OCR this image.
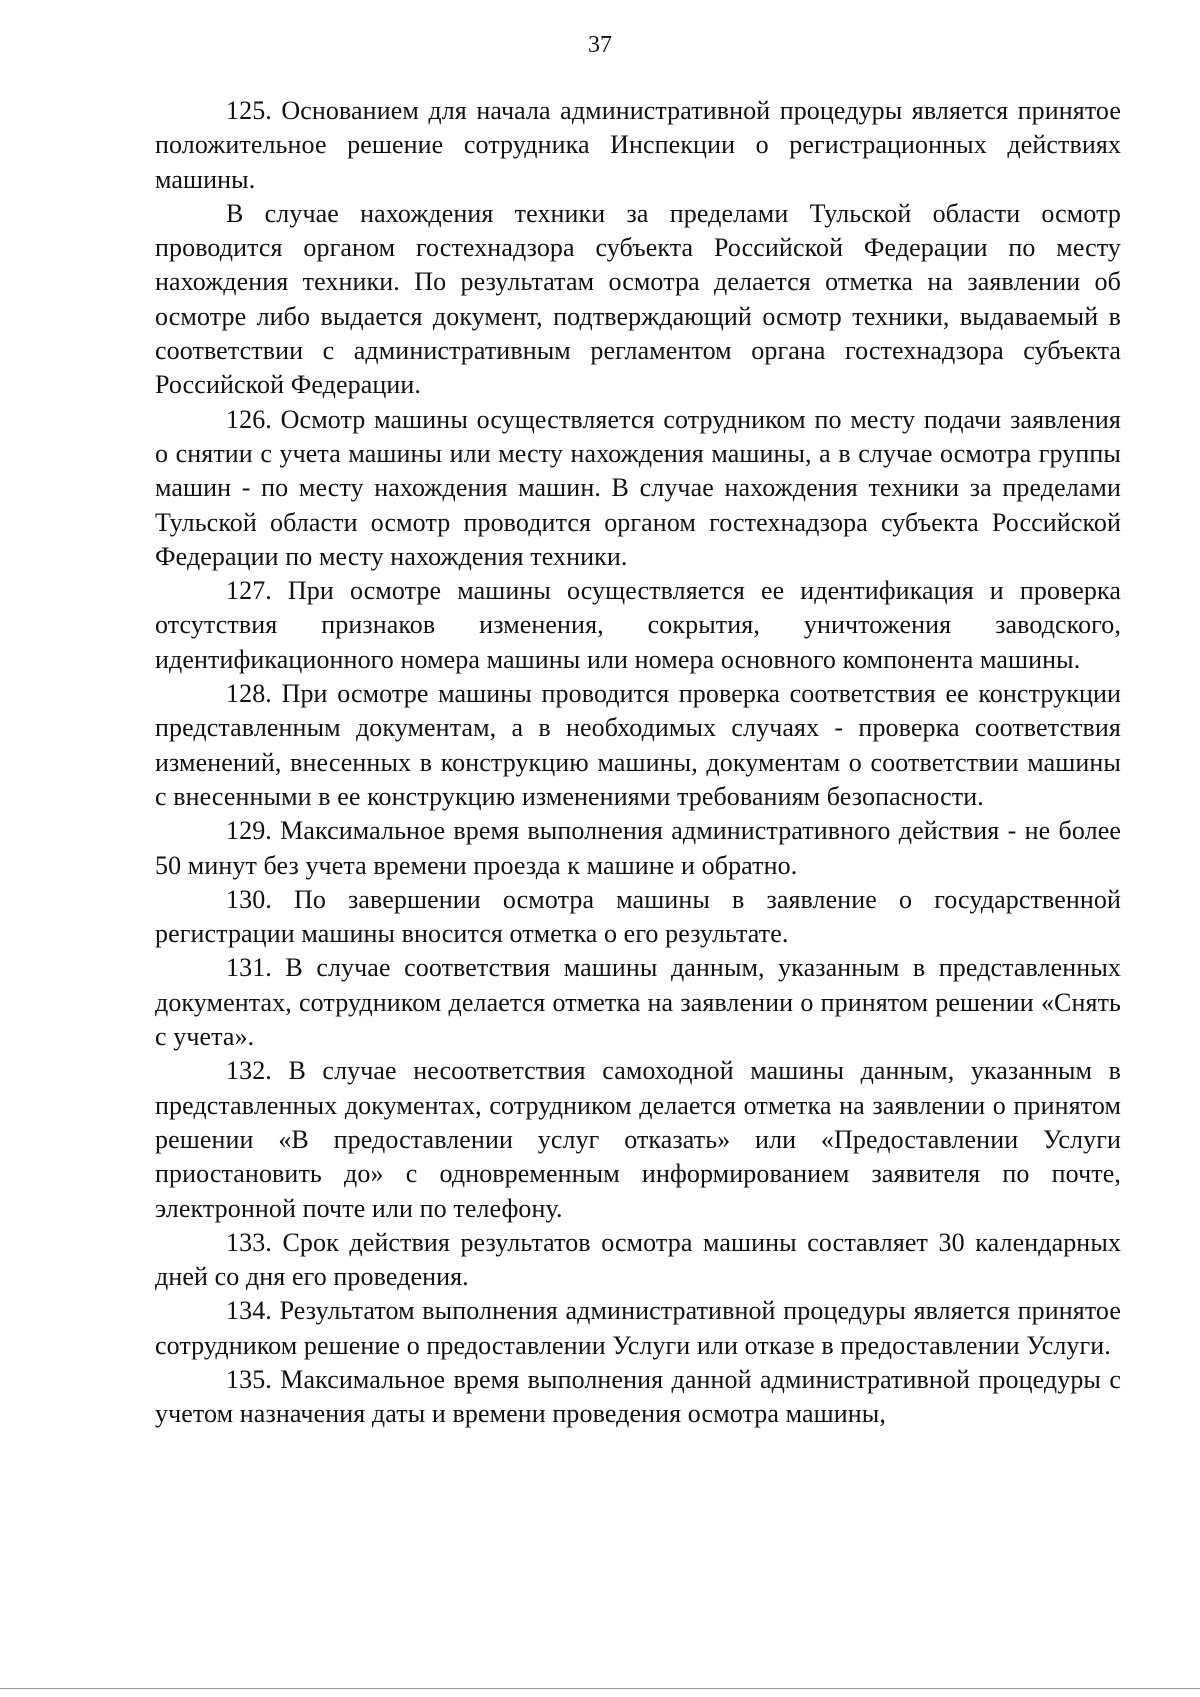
37

125. Основанием для начала административной процедуры является принятое положительное решение сотрудника Инспекции о регистрационных действиях машины.

В случае нахождения техники за пределами Тульской области осмотр проводится органом гостехнадзора субъекта Российской Федерации по месту нахождения техники. По результатам осмотра делается отметка на заявлении об осмотре либо выдается документ, подтверждающий осмотр техники, выдаваемый в соответствии с административным регламентом органа гостехнадзора субъекта Российской Федерации.

126. Осмотр машины осуществляется сотрудником по месту подачи заявления о снятии с учета машины или месту нахождения машины, а в случае осмотра группы машин - по месту нахождения машин. В случае нахождения техники за пределами Тульской области осмотр проводится органом гостехнадзора субъекта Российской Федерации по месту нахождения техники.

127. При осмотре машины осуществляется ее идентификация и проверка отсутствия признаков изменения, сокрытия, уничтожения заводского, идентификационного номера машины или номера основного компонента машины.

128. При осмотре машины проводится проверка соответствия ее конструкции представленным документам, а в необходимых случаях - проверка соответствия изменений, внесенных в конструкцию машины, документам о соответствии машины с внесенными в ее конструкцию изменениями требованиям безопасности.

129. Максимальное время выполнения административного действия - не более 50 минут без учета времени проезда к машине и обратно.

130. По завершении осмотра машины в заявление о государственной регистрации машины вносится отметка о его результате.

131. В случае соответствия машины данным, указанным в представленных документах, сотрудником делается отметка на заявлении о принятом решении «Снять с учета».

132. В случае несоответствия самоходной машины данным, указанным в представленных документах, сотрудником делается отметка на заявлении о принятом решении «В предоставлении услуг отказать» или «Предоставлении Услуги приостановить до» с одновременным информированием заявителя по почте, электронной почте или по телефону.

133. Срок действия результатов осмотра машины составляет 30 календарных дней со дня его проведения.

134. Результатом выполнения административной процедуры является принятое сотрудником решение о предоставлении Услуги или отказе в предоставлении Услуги.

135. Максимальное время выполнения данной административной процедуры с учетом назначения даты и времени проведения осмотра машины,
